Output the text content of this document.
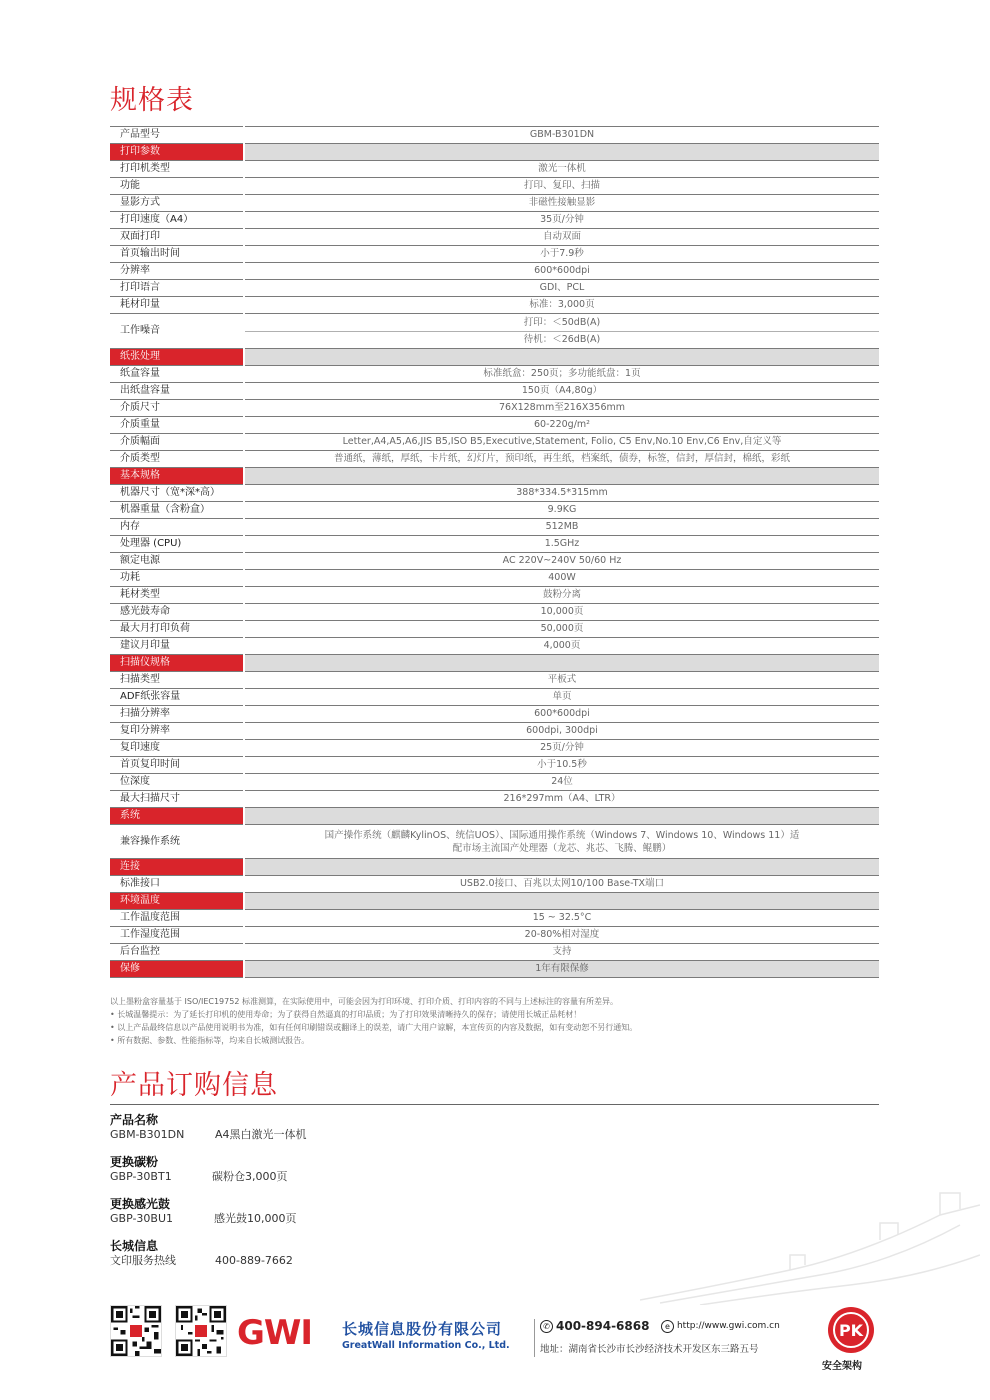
规格表
产品型号	GBM-B301DN
打印参数	
打印机类型	激光一体机
功能	打印、复印、扫描
显影方式	非磁性接触显影
打印速度（A4）	35页/分钟
双面打印	自动双面
首页输出时间	小于7.9秒
分辨率	600*600dpi
打印语言	GDI、PCL
耗材印量	标准：3,000页
工作噪音	打印：＜50dB(A)
待机：＜26dB(A)

纸张处理	
纸盒容量	标准纸盒：250页；多功能纸盘：1页
出纸盘容量	150页（A4,80g）
介质尺寸	76X128mm至216X356mm
介质重量	60-220g/m²
介质幅面	Letter,A4,A5,A6,JIS B5,ISO B5,Executive,Statement, Folio, C5 Env,No.10 Env,C6 Env,自定义等
介质类型	普通纸，薄纸，厚纸，卡片纸，幻灯片，预印纸，再生纸，档案纸，债券，标签，信封，厚信封，棉纸，彩纸
基本规格	
机器尺寸（宽*深*高）	388*334.5*315mm
机器重量（含粉盒）	9.9KG
内存	512MB
处理器 (CPU)	1.5GHz
额定电源	AC 220V~240V 50/60 Hz
功耗	400W
耗材类型	鼓粉分离
感光鼓寿命	10,000页
最大月打印负荷	50,000页
建议月印量	4,000页
扫描仪规格	
扫描类型	平板式
ADF纸张容量	单页
扫描分辨率	600*600dpi
复印分辨率	600dpi, 300dpi
复印速度	25页/分钟
首页复印时间	小于10.5秒
位深度	24位
最大扫描尺寸	216*297mm（A4、LTR）
系统	
兼容操作系统	国产操作系统（麒麟KylinOS、统信UOS）、国际通用操作系统（Windows 7、Windows 10、Windows 11）适配市场主流国产处理器（龙芯、兆芯、飞腾、鲲鹏）

连接	
标准接口	USB2.0接口、百兆以太网10/100 Base-TX端口
环境温度	
工作温度范围	15 ~ 32.5°C
工作湿度范围	20-80%相对湿度
后台监控	支持
保修	1年有限保修
以上墨粉盒容量基于 ISO/IEC19752 标准测算，在实际使用中，可能会因为打印环境、打印介质、打印内容的不同与上述标注的容量有所差异。
• 长城温馨提示：为了延长打印机的使用寿命；为了获得自然逼真的打印品质；为了打印效果清晰持久的保存；请使用长城正品耗材！
• 以上产品最终信息以产品使用说明书为准，如有任何印刷错误或翻译上的误差，请广大用户谅解，本宣传页的内容及数据，如有变动恕不另行通知。
• 所有数据、参数、性能指标等，均来自长城测试报告。
产品订购信息
产品名称
GBM-B301DN	A4黑白激光一体机
更换碳粉
GBP-30BT1	碳粉仓3,000页
更换感光鼓
GBP-30BU1	感光鼓10,000页
长城信息
文印服务热线	400-889-7662
GWI 长城信息股份有限公司
GreatWall Information Co., Ltd.
✆ 400-894-6868 e http://www.gwi.com.cn
地址：湖南省长沙市长沙经济技术开发区东三路五号
PK
安全架构
